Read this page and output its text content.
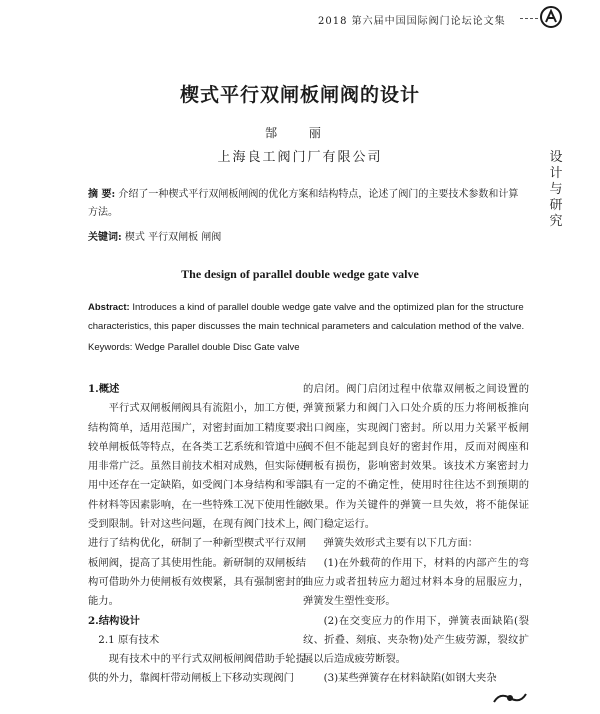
2018 第六届中国国际阀门论坛论文集
设
计
与
研
究
楔式平行双闸板闸阀的设计
郜 丽
上海良工阀门厂有限公司
摘 要: 介绍了一种楔式平行双闸板闸阀的优化方案和结构特点，论述了阀门的主要技术参数和计算方法。
关键词: 楔式 平行双闸板 闸阀
The design of parallel double wedge gate valve
Abstract: Introduces a kind of parallel double wedge gate valve and the optimized plan for the structure characteristics, this paper discusses the main technical parameters and calculation method of the valve.
Keywords: Wedge Parallel double Disc Gate valve

1.概述

平行式双闸板闸阀具有流阻小，加工方便，结构简单，适用范围广，对密封面加工精度要求较单闸板低等特点，在各类工艺系统和管道中应用非常广泛。虽然目前技术相对成熟，但实际使用中还存在一定缺陷，如受阀门本身结构和零部件材料等因素影响，在一些特殊工况下使用性能受到限制。针对这些问题，在现有阀门技术上，进行了结构优化，研制了一种新型楔式平行双闸板闸阀，提高了其使用性能。新研制的双闸板结构可借助外力使闸板有效楔紧，具有强制密封的能力。

2.结构设计

2.1 原有技术

现有技术中的平行式双闸板闸阀借助手轮提供的外力，靠阀杆带动闸板上下移动实现阀门

的启闭。阀门启闭过程中依靠双闸板之间设置的弹簧预紧力和阀门入口处介质的压力将闸板推向出口阀座，实现阀门密封。所以用力关紧平板闸阀不但不能起到良好的密封作用，反而对阀座和闸板有损伤，影响密封效果。该技术方案密封力具有一定的不确定性，使用时往往达不到预期的效果。作为关键件的弹簧一旦失效，将不能保证阀门稳定运行。

弹簧失效形式主要有以下几方面：

(1)在外载荷的作用下，材料的内部产生的弯曲应力或者扭转应力超过材料本身的屈服应力，弹簧发生塑性变形。

(2)在交变应力的作用下，弹簧表面缺陷(裂纹、折叠、刻痕、夹杂物)处产生疲劳源，裂纹扩展以后造成疲劳断裂。

(3)某些弹簧存在材料缺陷(如钢大夹杂
